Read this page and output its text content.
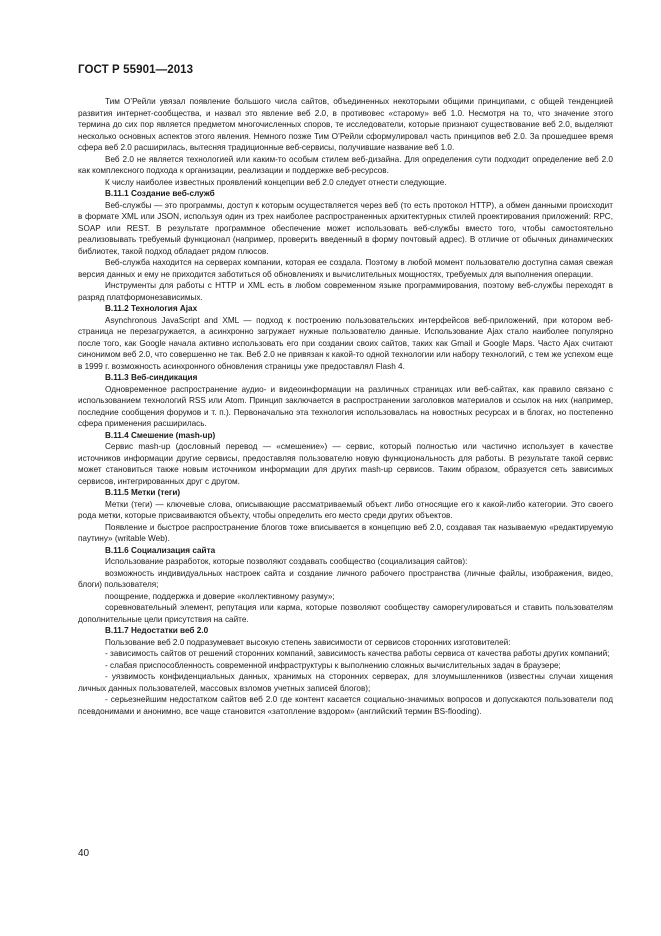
ГОСТ Р 55901—2013

Тим О’Рейли увязал появление большого числа сайтов, объединенных некоторыми общими принципами, с общей тенденцией развития интернет-сообщества, и назвал это явление веб 2.0, в противовес «старому» веб 1.0. Несмотря на то, что значение этого термина до сих пор является предметом многочисленных споров, те исследователи, которые признают существование веб 2.0, выделяют несколько основных аспектов этого явления. Немного позже Тим О’Рейли сформулировал часть принципов веб 2.0. За прошедшее время сфера веб 2.0 расширилась, вытесняя традиционные веб-сервисы, получившие название веб 1.0.

Веб 2.0 не является технологией или каким-то особым стилем веб-дизайна. Для определения сути подходит определение веб 2.0 как комплексного подхода к организации, реализации и поддержке веб-ресурсов.

К числу наиболее известных проявлений концепции веб 2.0 следует отнести следующие.

В.11.1 Создание веб-служб

Веб-службы — это программы, доступ к которым осуществляется через веб (то есть протокол HTTP), а обмен данными происходит в формате XML или JSON, используя один из трех наиболее распространенных архитектурных стилей проектирования приложений: RPC, SOAP или REST. В результате программное обеспечение может использовать веб-службы вместо того, чтобы самостоятельно реализовывать требуемый функционал (например, проверить введенный в форму почтовый адрес). В отличие от обычных динамических библиотек, такой подход обладает рядом плюсов.

Веб-служба находится на серверах компании, которая ее создала. Поэтому в любой момент пользователю доступна самая свежая версия данных и ему не приходится заботиться об обновлениях и вычислительных мощностях, требуемых для выполнения операции.

Инструменты для работы с HTTP и XML есть в любом современном языке программирования, поэтому веб-службы переходят в разряд платформонезависимых.

В.11.2 Технология Ajax

Asynchronous JavaScript and XML — подход к построению пользовательских интерфейсов веб-приложений, при котором веб-страница не перезагружается, а асинхронно загружает нужные пользователю данные. Использование Ajax стало наиболее популярно после того, как Google начала активно использовать его при создании своих сайтов, таких как Gmail и Google Maps. Часто Ajax считают синонимом веб 2.0, что совершенно не так. Веб 2.0 не привязан к какой-то одной технологии или набору технологий, с тем же успехом еще в 1999 г. возможность асинхронного обновления страницы уже предоставлял Flash 4.

В.11.3 Веб-синдикация

Одновременное распространение аудио- и видеоинформации на различных страницах или веб-сайтах, как правило связано с использованием технологий RSS или Atom. Принцип заключается в распространении заголовков материалов и ссылок на них (например, последние сообщения форумов и т. п.). Первоначально эта технология использовалась на новостных ресурсах и в блогах, но постепенно сфера применения расширилась.

В.11.4 Смешение (mash-up)

Сервис mash-up (дословный перевод — «смешение») — сервис, который полностью или частично использует в качестве источников информации другие сервисы, предоставляя пользователю новую функциональность для работы. В результате такой сервис может становиться также новым источником информации для других mash-up сервисов. Таким образом, образуется сеть зависимых сервисов, интегрированных друг с другом.

В.11.5 Метки (теги)

Метки (теги) — ключевые слова, описывающие рассматриваемый объект либо относящие его к какой-либо категории. Это своего рода метки, которые присваиваются объекту, чтобы определить его место среди других объектов.

Появление и быстрое распространение блогов тоже вписывается в концепцию веб 2.0, создавая так называемую «редактируемую паутину» (writable Web).

В.11.6 Социализация сайта

Использование разработок, которые позволяют создавать сообщество (социализация сайтов):

возможность индивидуальных настроек сайта и создание личного рабочего пространства (личные файлы, изображения, видео, блоги) пользователя;

поощрение, поддержка и доверие «коллективному разуму»;

соревновательный элемент, репутация или карма, которые позволяют сообществу саморегулироваться и ставить пользователям дополнительные цели присутствия на сайте.

В.11.7 Недостатки веб 2.0

Пользование веб 2.0 подразумевает высокую степень зависимости от сервисов сторонних изготовителей:

- зависимость сайтов от решений сторонних компаний, зависимость качества работы сервиса от качества работы других компаний;
- слабая приспособленность современной инфраструктуры к выполнению сложных вычислительных задач в браузере;
- уязвимость конфиденциальных данных, хранимых на сторонних серверах, для злоумышленников (известны случаи хищения личных данных пользователей, массовых взломов учетных записей блогов);
- серьезнейшим недостатком сайтов веб 2.0 где контент касается социально-значимых вопросов и допускаются пользователи под псевдонимами и анонимно, все чаще становится «затопление вздором» (английский термин BS-flooding).
40
